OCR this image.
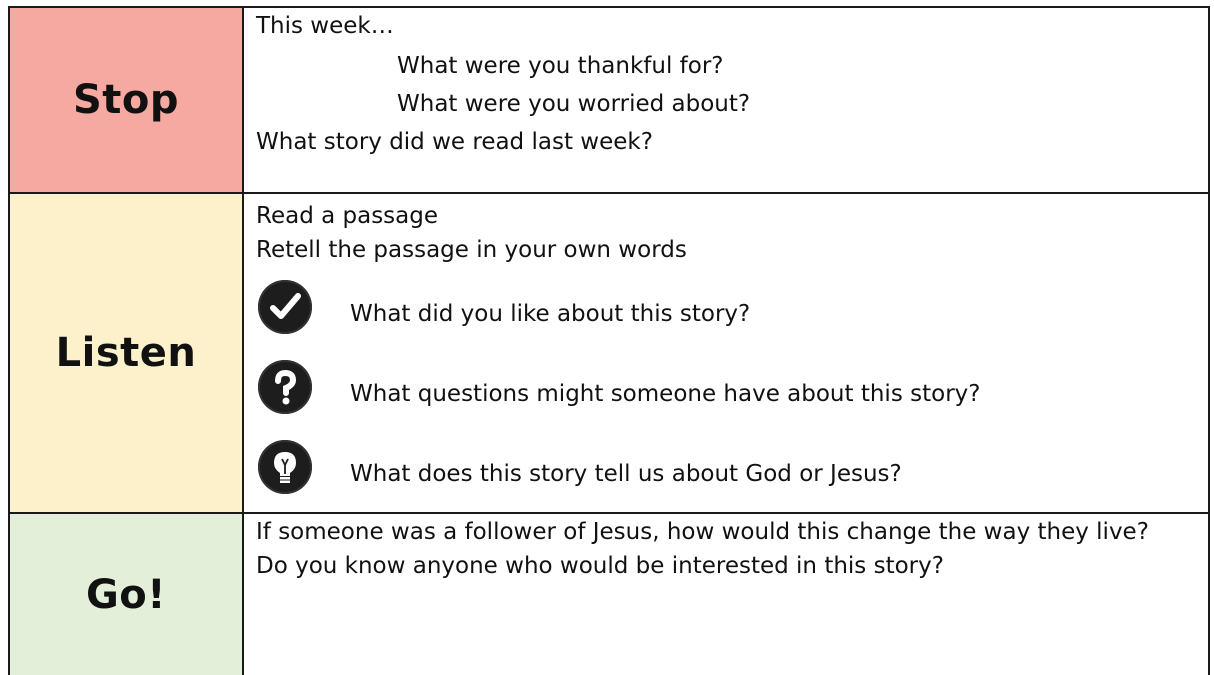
Stop	This week…
What were you thankful for?
What were you worried about?
What story did we read last week?

Listen	Read a passage
Retell the passage in your own words
What did you like about this story?
What questions might someone have about this story?
What does this story tell us about God or Jesus?

Go!	If someone was a follower of Jesus, how would this change the way they live?
Do you know anyone who would be interested in this story?
